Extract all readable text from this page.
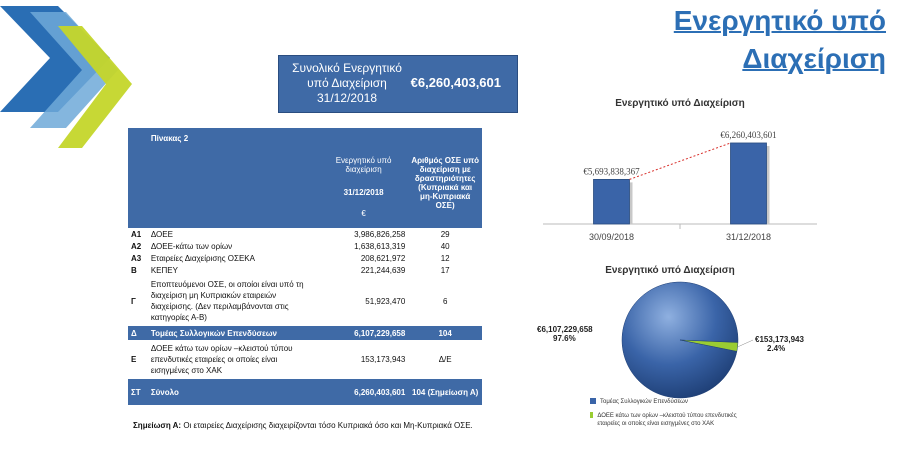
Ενεργητικό υπό Διαχείριση
Συνολικό Ενεργητικό υπό Διαχείριση 31/12/2018
€6,260,403,601
	Πίνακας 2	Ενεργητικό υπό διαχείριση
31/12/2018
€	Αριθμός ΟΣΕ υπό διαχείριση με δραστηριότητες (Κυπριακά και μη-Κυπριακά ΟΣΕ)
Α1	ΔΟΕΕ	3,986,826,258	29
Α2	ΔΟΕΕ-κάτω των ορίων	1,638,613,319	40
Α3	Εταιρείες Διαχείρισης ΟΣΕΚΑ	208,621,972	12
Β	ΚΕΠΕΥ	221,244,639	17
Γ	Εποπτευόμενοι ΟΣΕ, οι οποίοι είναι υπό τη διαχείριση μη Κυπριακών εταιρειών διαχείρισης. (Δεν περιλαμβάνονται στις κατηγορίες Α-Β)	51,923,470	6
Δ	Τομέας Συλλογικών Επενδύσεων	6,107,229,658	104
Ε	ΔΟΕΕ κάτω των ορίων –κλειστού τύπου επενδυτικές εταιρείες οι οποίες είναι εισηγμένες στο ΧΑΚ	153,173,943	Δ/Ε
ΣΤ	Σύνολο	6,260,403,601	104 (Σημείωση Α)
Σημείωση Α: Οι εταιρείες Διαχείρισης διαχειρίζονται τόσο Κυπριακά όσο και Μη-Κυπριακά ΟΣΕ.
Ενεργητικό υπό Διαχείριση
€5,693,838,367
30/09/2018
€6,260,403,601
31/12/2018
Ενεργητικό υπό Διαχείριση
€6,107,229,658
97.6%	€153,173,943
2.4%
Τομέας Συλλογικών Επενδύσεων
ΔΟΕΕ κάτω των ορίων –κλειστού τύπου επενδυτικές εταιρείες οι οποίες είναι εισηγμένες στο ΧΑΚ
